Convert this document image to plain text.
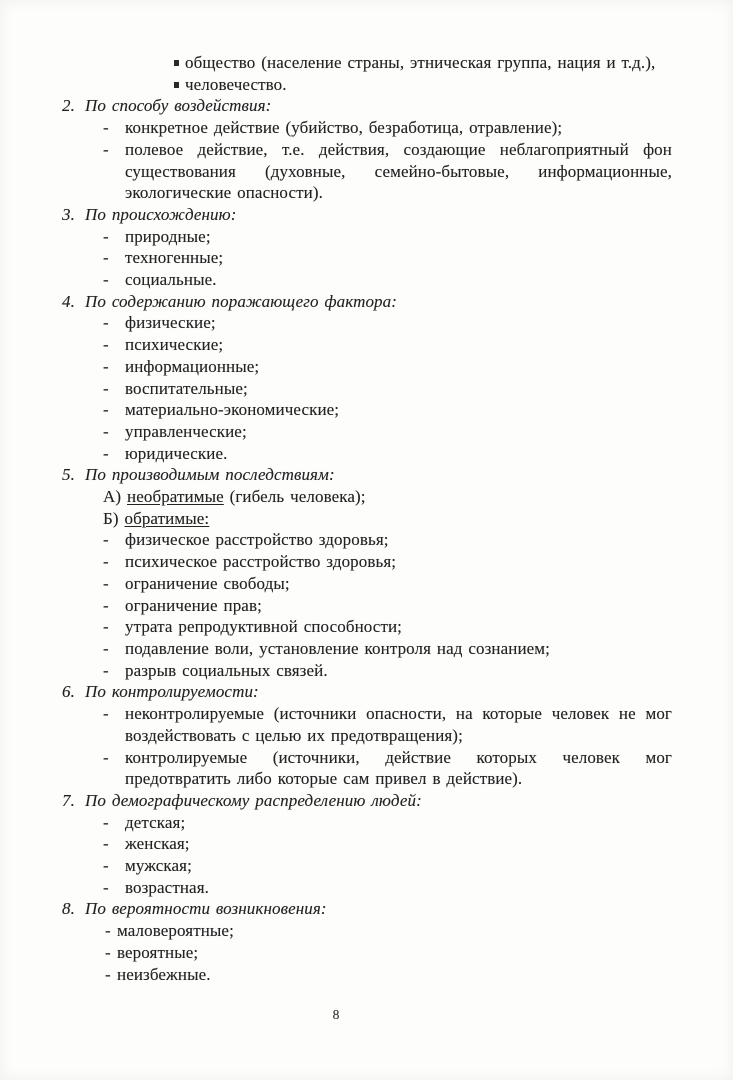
общество (население страны, этническая группа, нация и т.д.),
человечество.
2. По способу воздействия:
- конкретное действие (убийство, безработица, отравление);
- полевое действие, т.е. действия, создающие неблагоприятный фон существования (духовные, семейно-бытовые, информационные, экологические опасности).
3. По происхождению:
- природные;
- техногенные;
- социальные.
4. По содержанию поражающего фактора:
- физические;
- психические;
- информационные;
- воспитательные;
- материально-экономические;
- управленческие;
- юридические.
5. По производимым последствиям:
А) необратимые (гибель человека);
Б) обратимые:
- физическое расстройство здоровья;
- психическое расстройство здоровья;
- ограничение свободы;
- ограничение прав;
- утрата репродуктивной способности;
- подавление воли, установление контроля над сознанием;
- разрыв социальных связей.
6. По контролируемости:
- неконтролируемые (источники опасности, на которые человек не мог воздействовать с целью их предотвращения);
- контролируемые (источники, действие которых человек мог предотвратить либо которые сам привел в действие).
7. По демографическому распределению людей:
- детская;
- женская;
- мужская;
- возрастная.
8. По вероятности возникновения:
- маловероятные;
- вероятные;
- неизбежные.
8
